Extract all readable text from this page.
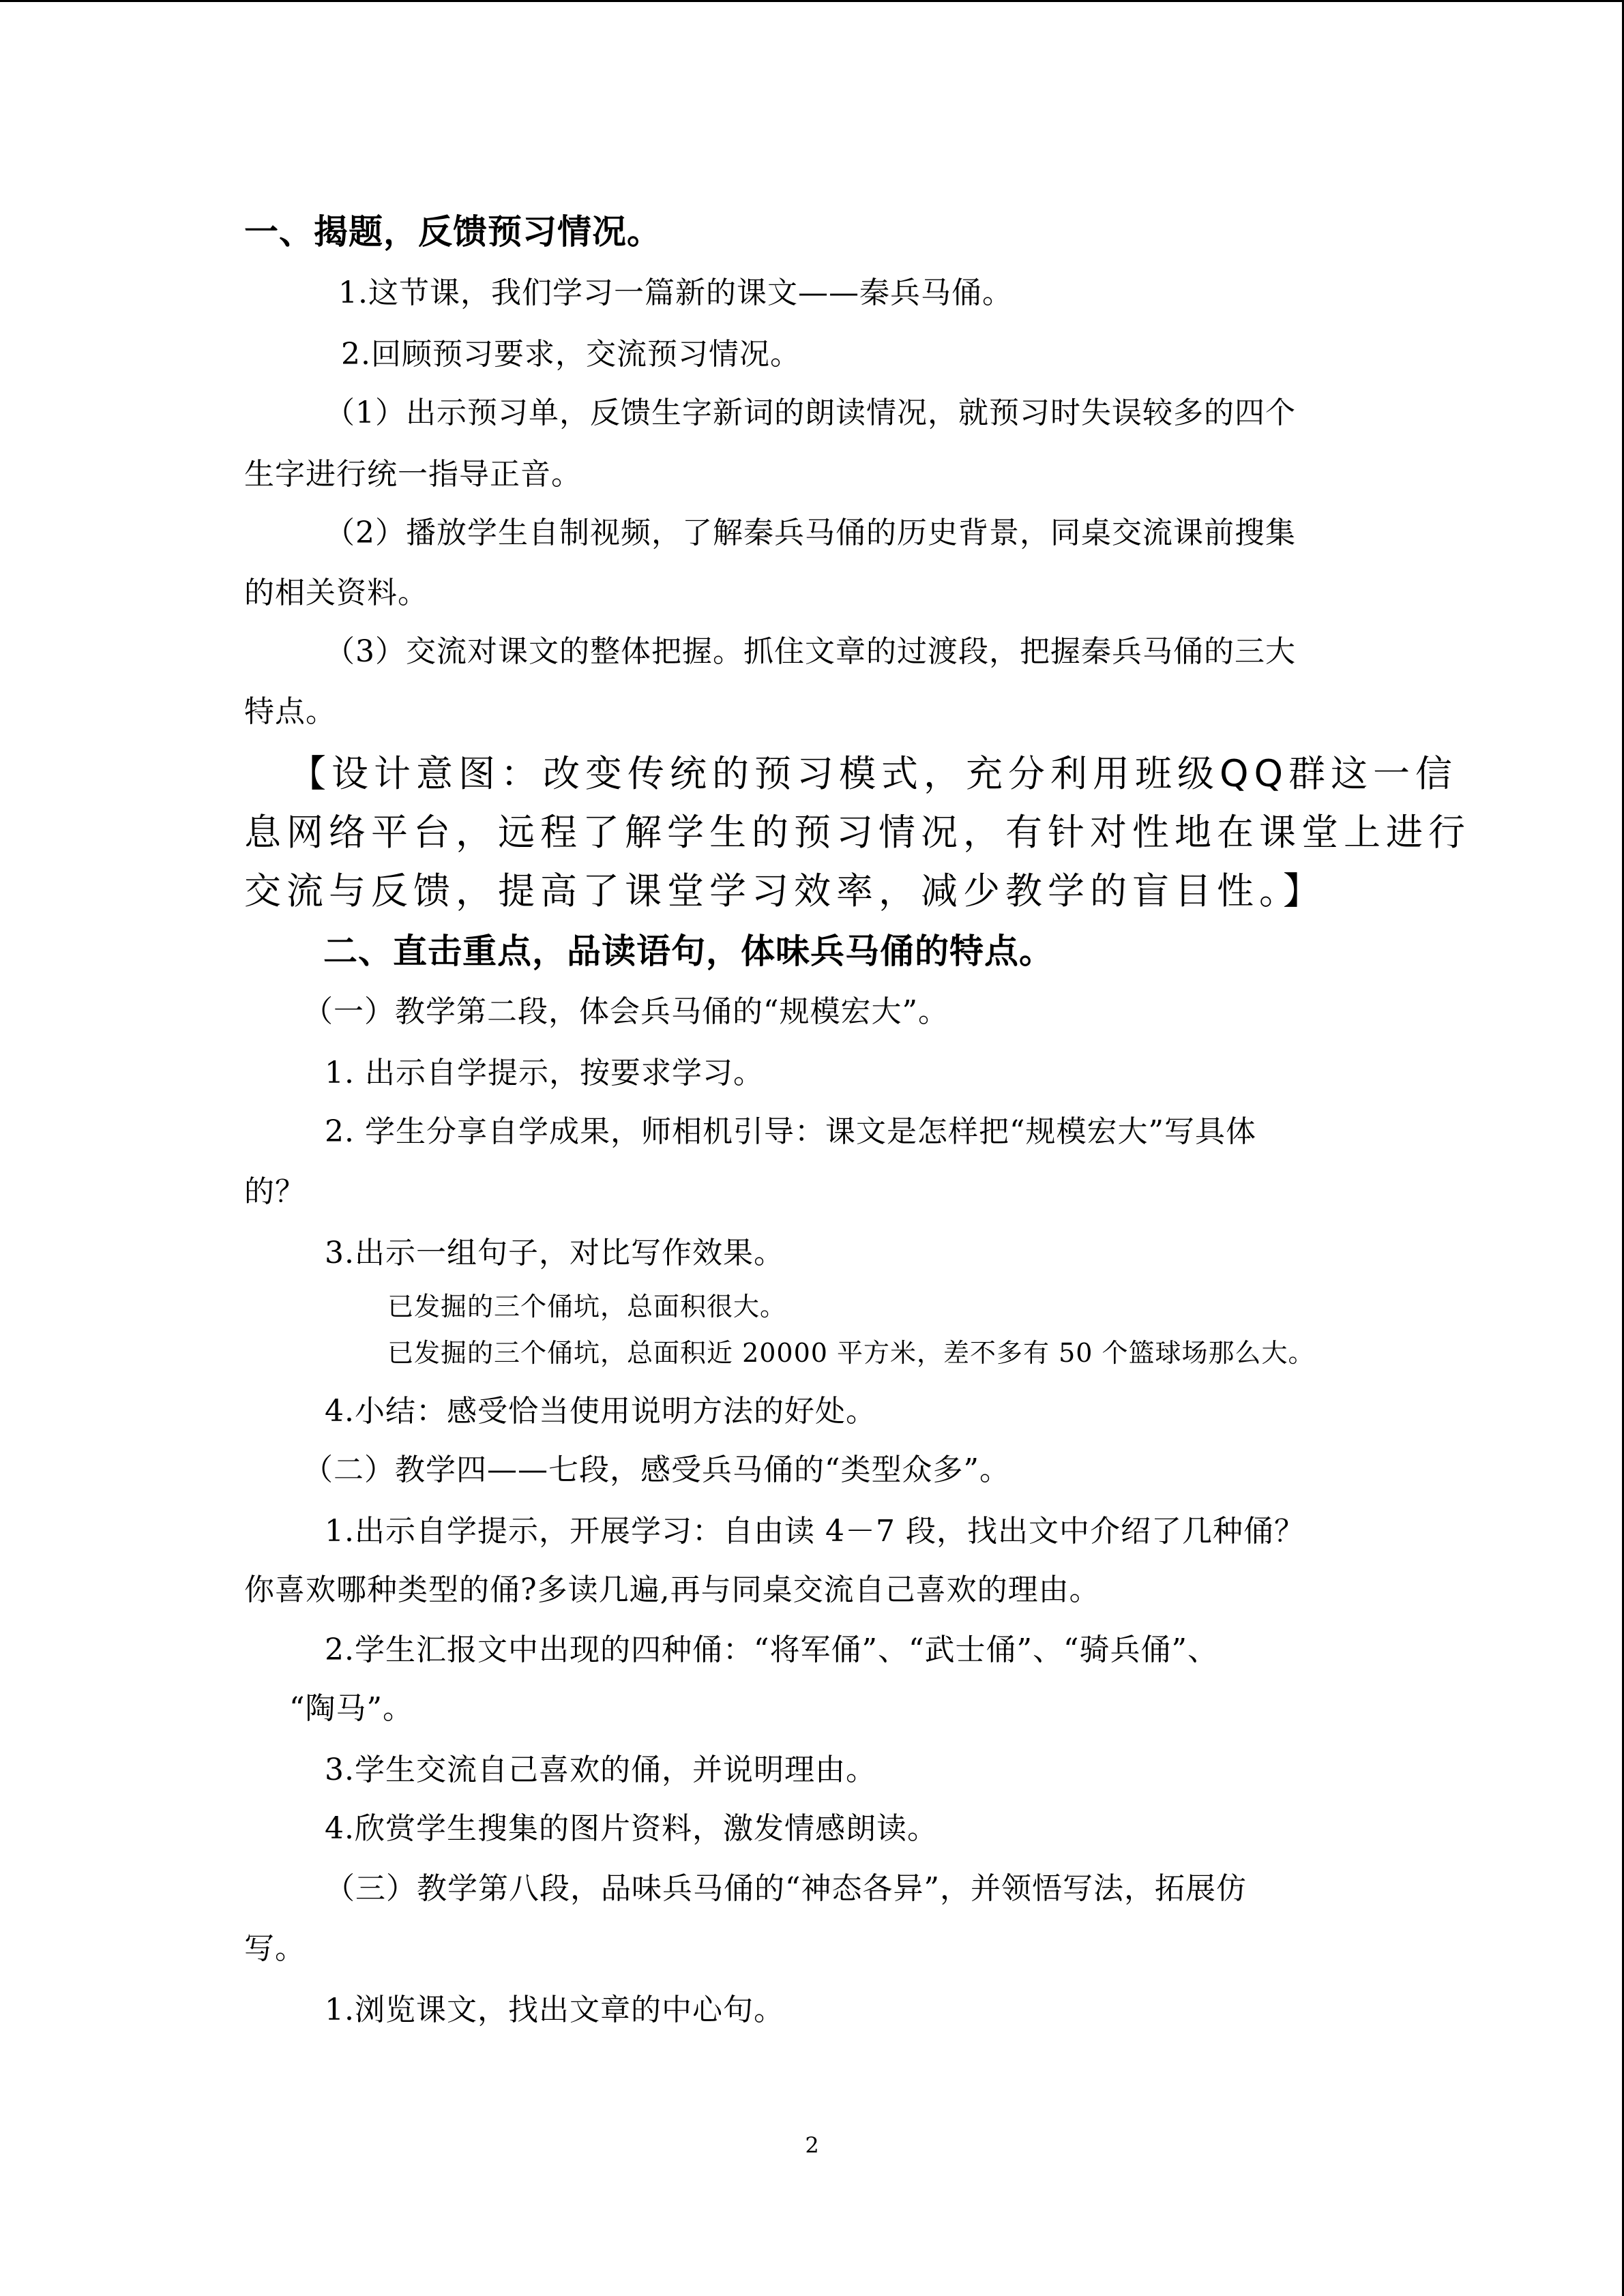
一、揭题，反馈预习情况。
1.这节课，我们学习一篇新的课文——秦兵马俑。
2.回顾预习要求，交流预习情况。
（1）出示预习单，反馈生字新词的朗读情况，就预习时失误较多的四个
生字进行统一指导正音。
（2）播放学生自制视频，了解秦兵马俑的历史背景，同桌交流课前搜集
的相关资料。
（3）交流对课文的整体把握。抓住文章的过渡段，把握秦兵马俑的三大
特点。
【设计意图：改变传统的预习模式，充分利用班级QQ群这一信
息网络平台，远程了解学生的预习情况，有针对性地在课堂上进行
交流与反馈，提高了课堂学习效率，减少教学的盲目性。】
二、直击重点，品读语句，体味兵马俑的特点。
（一）教学第二段，体会兵马俑的“规模宏大”。
1. 出示自学提示，按要求学习。
2. 学生分享自学成果，师相机引导：课文是怎样把“规模宏大”写具体
的？
3.出示一组句子，对比写作效果。
已发掘的三个俑坑，总面积很大。
已发掘的三个俑坑，总面积近 20000 平方米，差不多有 50 个篮球场那么大。
4.小结：感受恰当使用说明方法的好处。
（二）教学四——七段，感受兵马俑的“类型众多”。
1.出示自学提示，开展学习：自由读 4－7 段，找出文中介绍了几种俑？
你喜欢哪种类型的俑?多读几遍,再与同桌交流自己喜欢的理由。
2.学生汇报文中出现的四种俑：“将军俑”、“武士俑”、“骑兵俑”、
“陶马”。
3.学生交流自己喜欢的俑，并说明理由。
4.欣赏学生搜集的图片资料，激发情感朗读。
（三）教学第八段，品味兵马俑的“神态各异”，并领悟写法，拓展仿
写。
1.浏览课文，找出文章的中心句。
2
